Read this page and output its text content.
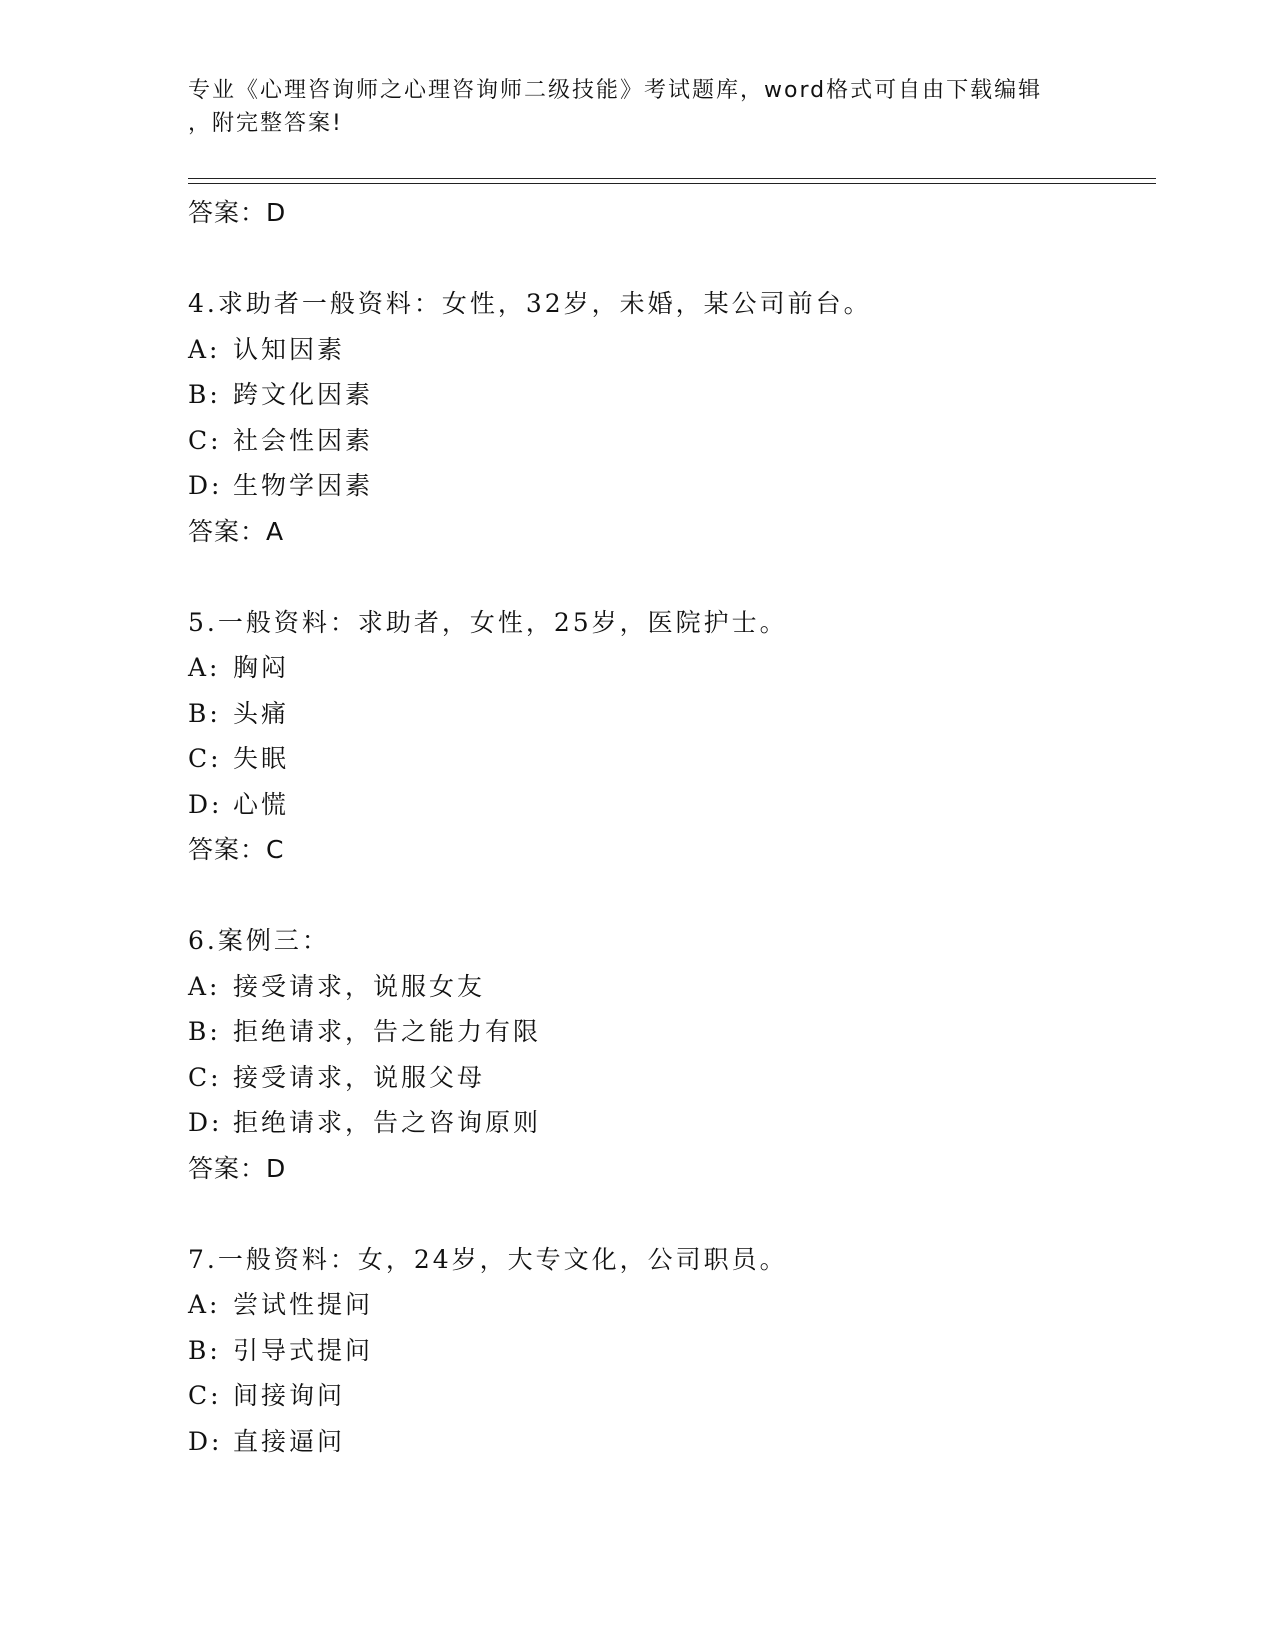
专业《心理咨询师之心理咨询师二级技能》考试题库，word格式可自由下载编辑
，附完整答案!
答案：D
4.求助者一般资料：女性，32岁，未婚，某公司前台。
A: 认知因素
B: 跨文化因素
C: 社会性因素
D: 生物学因素
答案：A
5.一般资料：求助者，女性，25岁，医院护士。
A: 胸闷
B: 头痛
C: 失眠
D: 心慌
答案：C
6.案例三：
A: 接受请求，说服女友
B: 拒绝请求，告之能力有限
C: 接受请求，说服父母
D: 拒绝请求，告之咨询原则
答案：D
7.一般资料：女，24岁，大专文化，公司职员。
A: 尝试性提问
B: 引导式提问
C: 间接询问
D: 直接逼问
